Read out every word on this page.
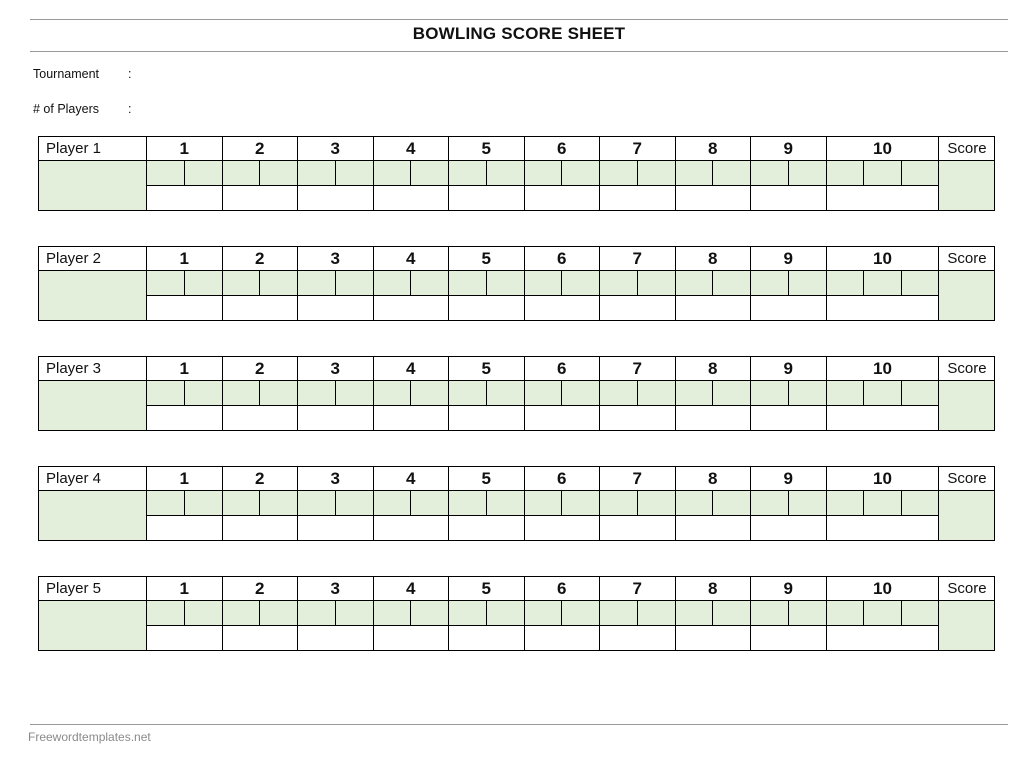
BOWLING SCORE SHEET
Tournament :
# of Players :
Player 1	1		2		3		4		5		6		7		8		9		10			Score

Player 2	1		2		3		4		5		6		7		8		9		10			Score

Player 3	1		2		3		4		5		6		7		8		9		10			Score

Player 4	1		2		3		4		5		6		7		8		9		10			Score

Player 5	1		2		3		4		5		6		7		8		9		10			Score

Freewordtemplates.net
